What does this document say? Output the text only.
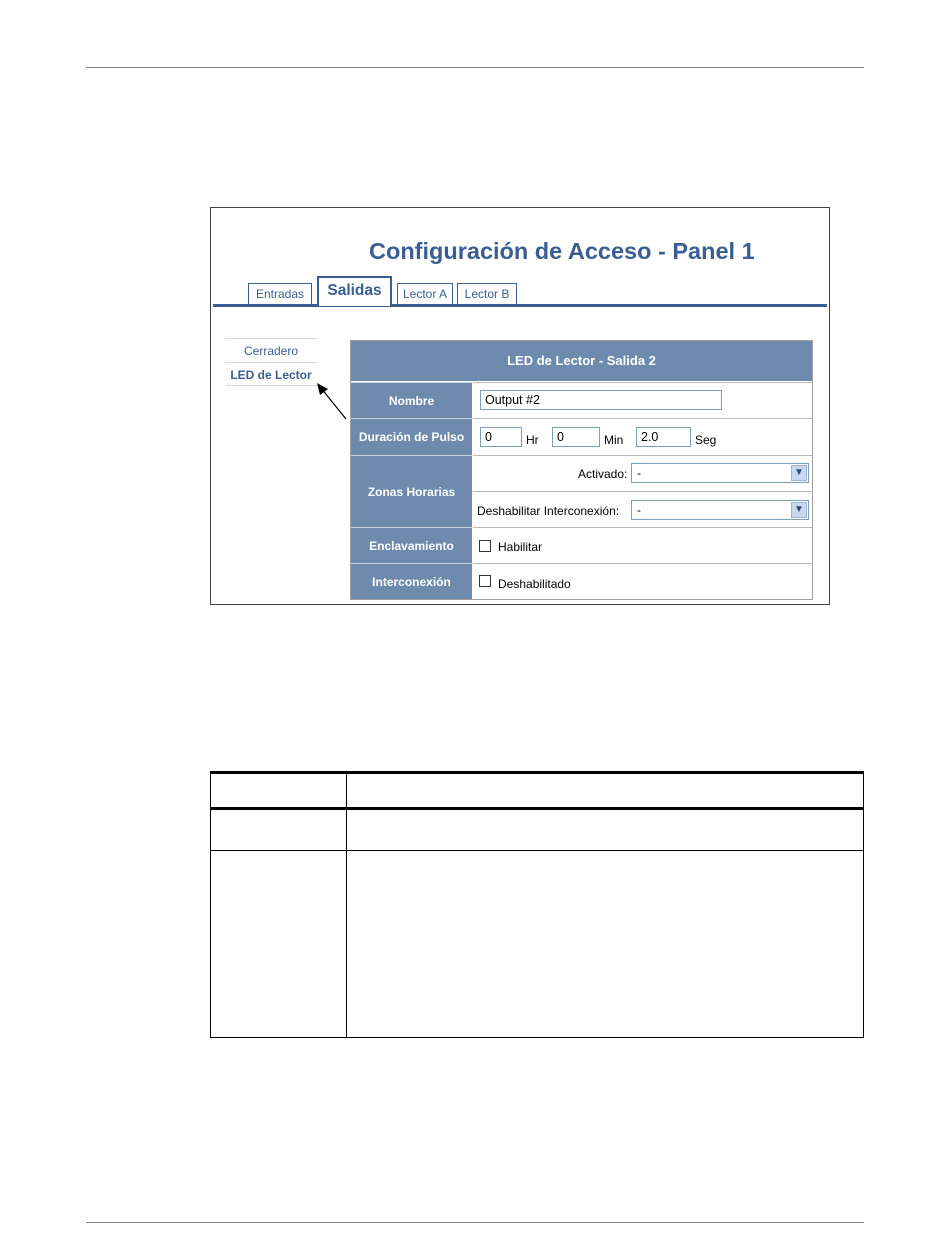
Configuración de Acceso - Panel 1
Entradas	Salidas	Lector A	Lector B
Cerradero
LED de Lector
LED de Lector - Salida 2
Nombre	Output #2
Duración de Pulso	0	Hr	0	Min	2.0	Seg
Zonas Horarias
Activado: -	▼
Deshabilitar Interconexión:	-	▼
Enclavamiento	Habilitar
Interconexión	Deshabilitado
